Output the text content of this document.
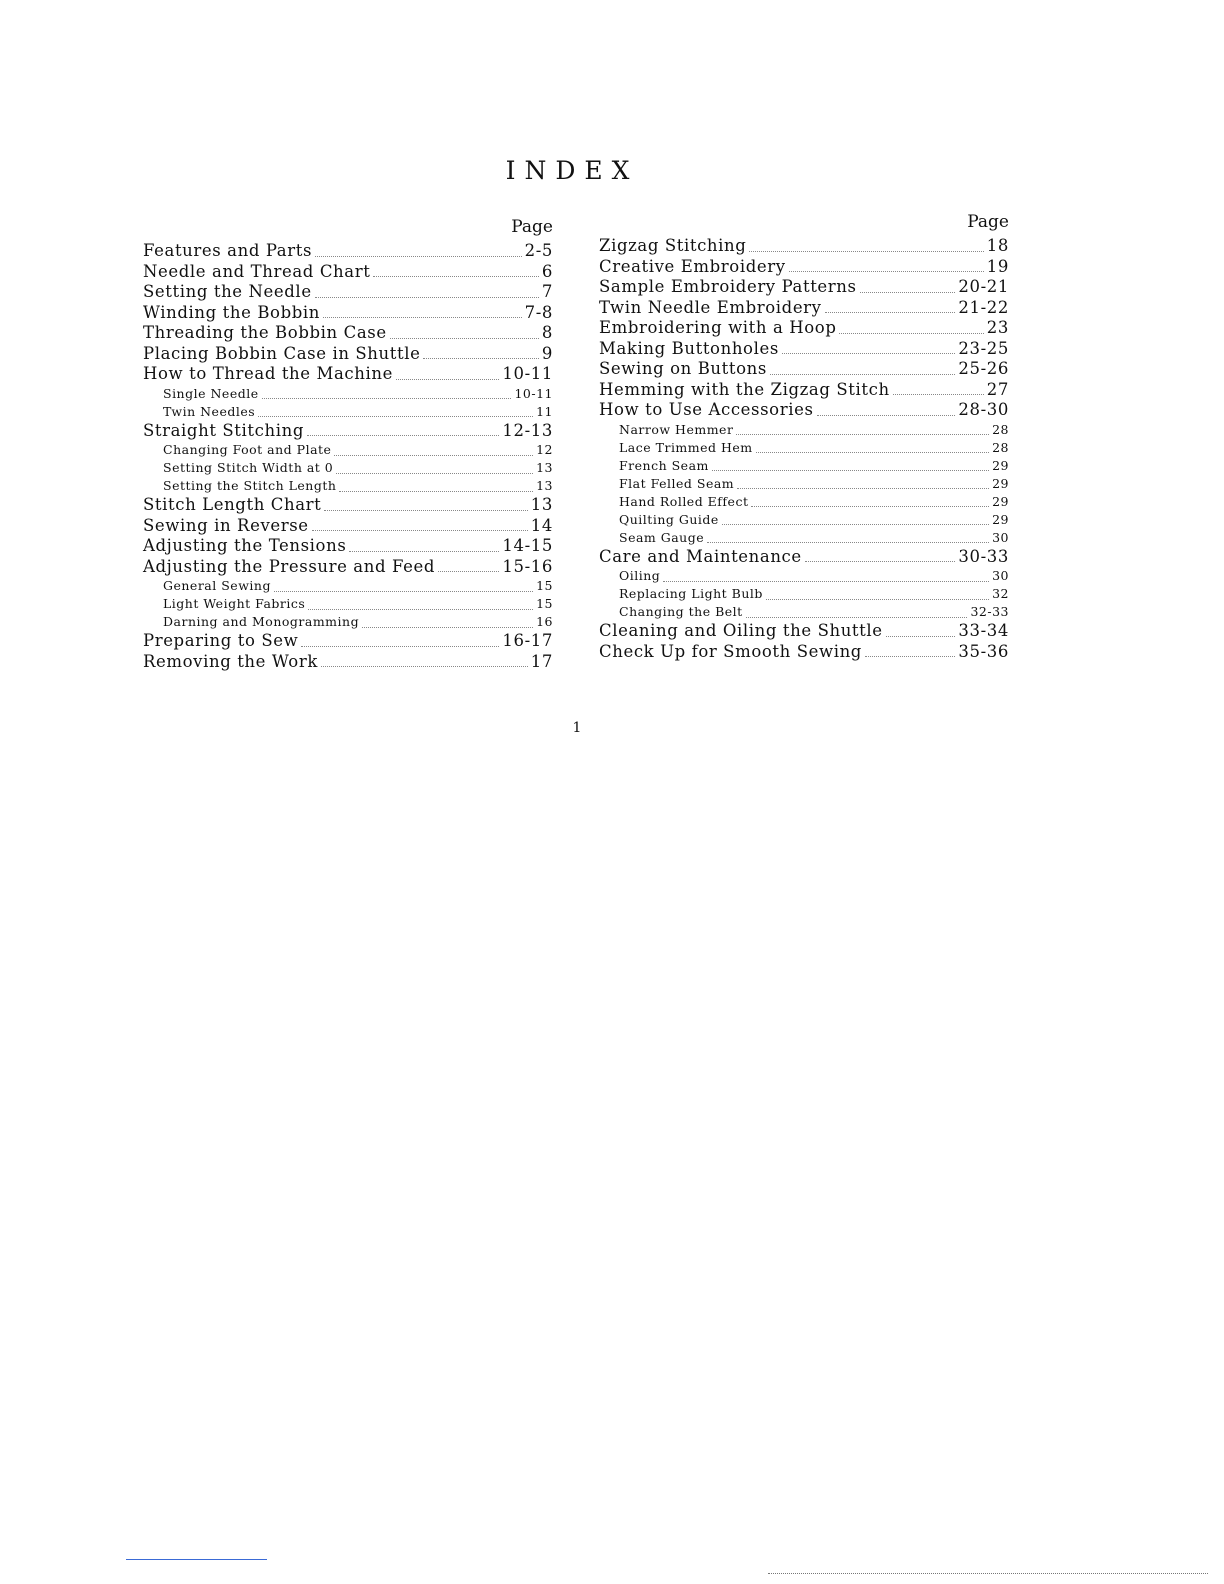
INDEX
Page
Features and Parts	2-5
Needle and Thread Chart	6
Setting the Needle	7
Winding the Bobbin	7-8
Threading the Bobbin Case	8
Placing Bobbin Case in Shuttle	9
How to Thread the Machine	10-11
Single Needle	10-11
Twin Needles	11
Straight Stitching	12-13
Changing Foot and Plate	12
Setting Stitch Width at 0	13
Setting the Stitch Length	13
Stitch Length Chart	13
Sewing in Reverse	14
Adjusting the Tensions	14-15
Adjusting the Pressure and Feed	15-16
General Sewing	15
Light Weight Fabrics	15
Darning and Monogramming	16
Preparing to Sew	16-17
Removing the Work	17
Page
Zigzag Stitching	18
Creative Embroidery	19
Sample Embroidery Patterns	20-21
Twin Needle Embroidery	21-22
Embroidering with a Hoop	23
Making Buttonholes	23-25
Sewing on Buttons	25-26
Hemming with the Zigzag Stitch	27
How to Use Accessories	28-30
Narrow Hemmer	28
Lace Trimmed Hem	28
French Seam	29
Flat Felled Seam	29
Hand Rolled Effect	29
Quilting Guide	29
Seam Gauge	30
Care and Maintenance	30-33
Oiling	30
Replacing Light Bulb	32
Changing the Belt	32-33
Cleaning and Oiling the Shuttle	33-34
Check Up for Smooth Sewing	35-36
1
